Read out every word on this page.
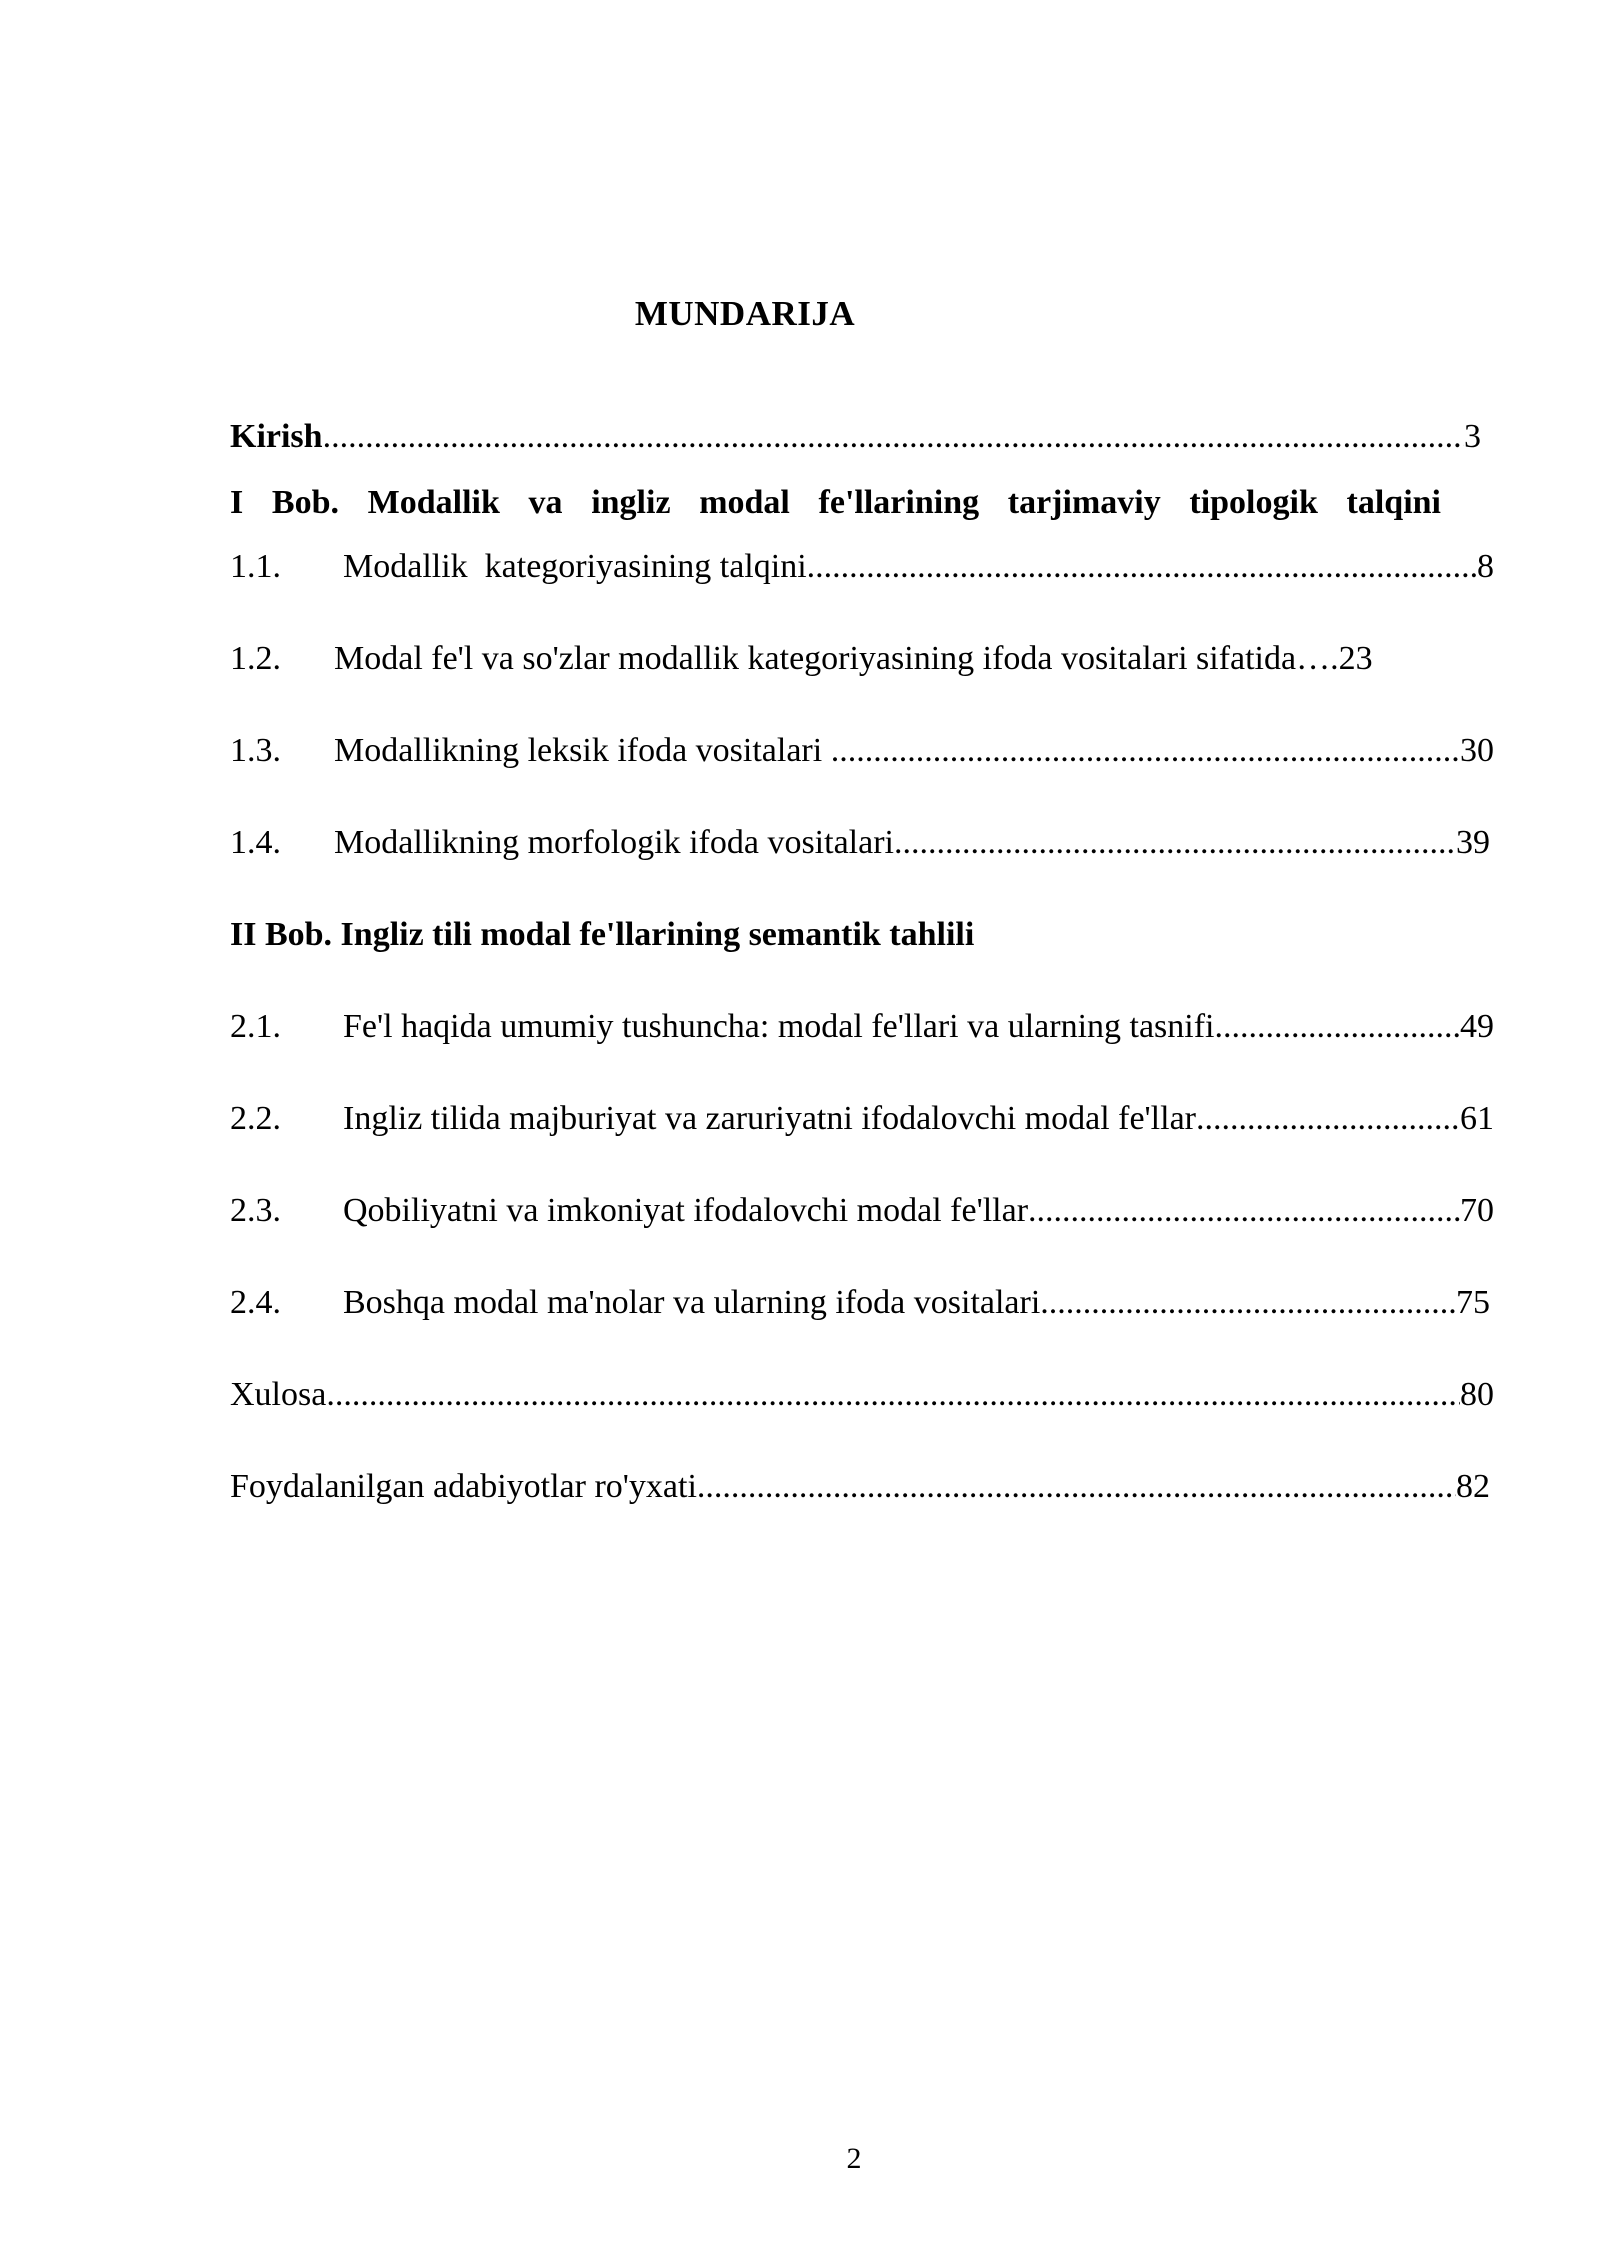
MUNDARIJA
Kirish .....	3
I Bob. Modallik va ingliz modal fe'llarining tarjimaviy tipologik talqini
1.1.	Modallik  kategoriyasining talqini .....	8
1.2.	Modal fe'l va so'zlar modallik kategoriyasining ifoda vositalari sifatida…. 23
1.3.	Modallikning leksik ifoda vositalari .....	30
1.4.	Modallikning morfologik ifoda vositalari .....	39
II Bob. Ingliz tili modal fe'llarining semantik tahlili
2.1.	Fe'l haqida umumiy tushuncha: modal fe'llari va ularning tasnifi .....	49
2.2.	Ingliz tilida majburiyat va zaruriyatni ifodalovchi modal fe'llar .....	61
2.3.	Qobiliyatni va imkoniyat ifodalovchi modal fe'llar .....	70
2.4.	Boshqa modal ma'nolar va ularning ifoda vositalari .....	75
Xulosa .....	80
Foydalanilgan adabiyotlar ro'yxati .....	82
2
